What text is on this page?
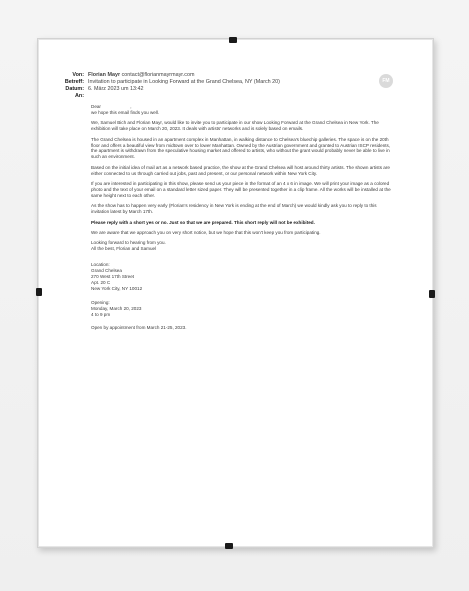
Von: Florian Mayr contact@florianmayrmayr.com
Betreff: Invitation to participate in Looking Forward at the Grand Chelsea, NY (March 20)
Datum: 6. März 2023 um 13:42
An:
FM

Dear	,

we hope this email finds you well.

We, Samuel Bich and Florian Mayr, would like to invite you to participate in our show Looking Forward at the Grand Chelsea in New York. The exhibition will take place on March 20, 2023. It deals with artists' networks and is solely based on emails.

The Grand Chelsea is housed in an apartment complex in Manhattan, in walking distance to Chelsea's bluechip galleries. The space is on the 20th floor and offers a beautiful view from midtown over to lower Manhattan. Owned by the Austrian government and granted to Austrian ISCP residents, the apartment is withdrawn from the speculative housing market and offered to artists, who without the grant would probably never be able to live in such an environment.

Based on the initial idea of mail art as a network based practice, the show at the Grand Chelsea will host around thirty artists. The shown artists are either connected to us through carried out jobs, past and present, or our personal network within New York City.

If you are interested in participating in this show, please send us your piece in the format of an 4 x 6 in image. We will print your image as a colored photo and the text of your email on a standard letter sized paper. They will be presented together in a clip frame. All the works will be installed at the same height next to each other.

As the show has to happen very early (Florian's residency in New York is ending at the end of March) we would kindly ask you to reply to this invitation latest by March 17th.

Please reply with a short yes or no. Just so that we are prepared. This short reply will not be exhibited.

We are aware that we approach you on very short notice, but we hope that this won't keep you from participating.

Looking forward to hearing from you.

All the best, Florian and Samuel

Location:

Grand Chelsea

270 West 17th Street

Apt. 20 C

New York City, NY 10012

Opening:

Monday, March 20, 2023

4 to 9 pm

Open by appointment from March 21-25, 2023.
